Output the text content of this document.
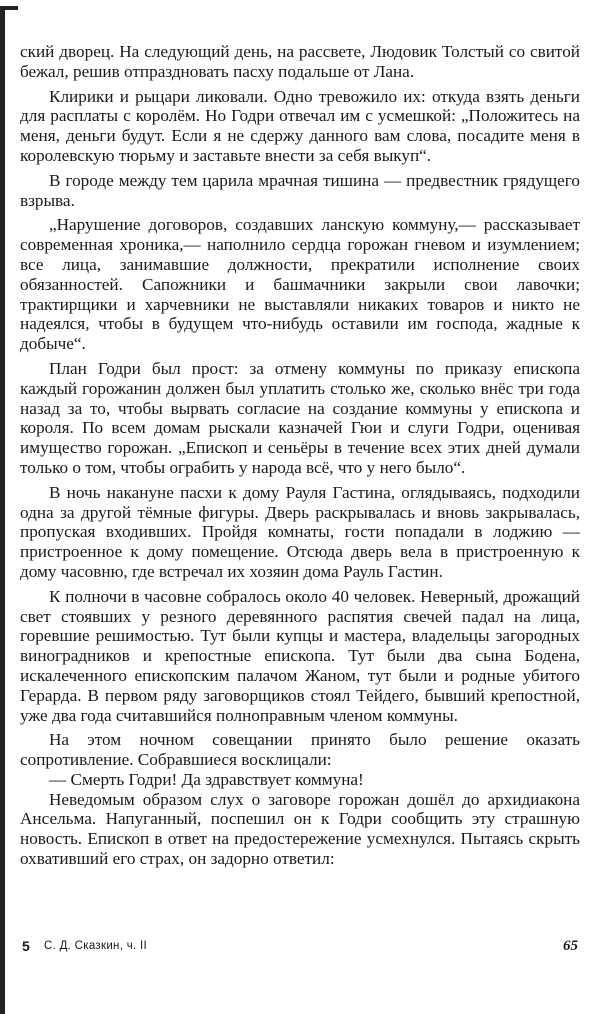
ский дворец. На следующий день, на рассвете, Людовик Толстый со свитой бежал, решив отпраздновать пасху подальше от Лана.

Клирики и рыцари ликовали. Одно тревожило их: откуда взять деньги для расплаты с королём. Но Годри отвечал им с усмешкой: „Положитесь на меня, деньги будут. Если я не сдержу данного вам слова, посадите меня в королевскую тюрьму и заставьте внести за себя выкуп“.

В городе между тем царила мрачная тишина — предвестник грядущего взрыва.

„Нарушение договоров, создавших ланскую коммуну,— рассказывает современная хроника,— наполнило сердца горожан гневом и изумлением; все лица, занимавшие должности, прекратили исполнение своих обязанностей. Сапожники и башмачники закрыли свои лавочки; трактирщики и харчевники не выставляли никаких товаров и никто не надеялся, чтобы в будущем что-нибудь оставили им господа, жадные к добыче“.

План Годри был прост: за отмену коммуны по приказу епископа каждый горожанин должен был уплатить столько же, сколько внёс три года назад за то, чтобы вырвать согласие на создание коммуны у епископа и короля. По всем домам рыскали казначей Гюи и слуги Годри, оценивая имущество горожан. „Епископ и сеньёры в течение всех этих дней думали только о том, чтобы ограбить у народа всё, что у него было“.

В ночь накануне пасхи к дому Рауля Гастина, оглядываясь, подходили одна за другой тёмные фигуры. Дверь раскрывалась и вновь закрывалась, пропуская входивших. Пройдя комнаты, гости попадали в лоджию — пристроенное к дому помещение. Отсюда дверь вела в пристроенную к дому часовню, где встречал их хозяин дома Рауль Гастин.

К полночи в часовне собралось около 40 человек. Неверный, дрожащий свет стоявших у резного деревянного распятия свечей падал на лица, горевшие решимостью. Тут были купцы и мастера, владельцы загородных виноградников и крепостные епископа. Тут были два сына Бодена, искалеченного епископским палачом Жаном, тут были и родные убитого Герарда. В первом ряду заговорщиков стоял Тейдего, бывший крепостной, уже два года считавшийся полноправным членом коммуны.

На этом ночном совещании принято было решение оказать сопротивление. Собравшиеся восклицали:

— Смерть Годри! Да здравствует коммуна!

Неведомым образом слух о заговоре горожан дошёл до архидиакона Ансельма. Напуганный, поспешил он к Годри сообщить эту страшную новость. Епископ в ответ на предостережение усмехнулся. Пытаясь скрыть охвативший его страх, он задорно ответил:

5 С. Д. Сказкин, ч. II	65
